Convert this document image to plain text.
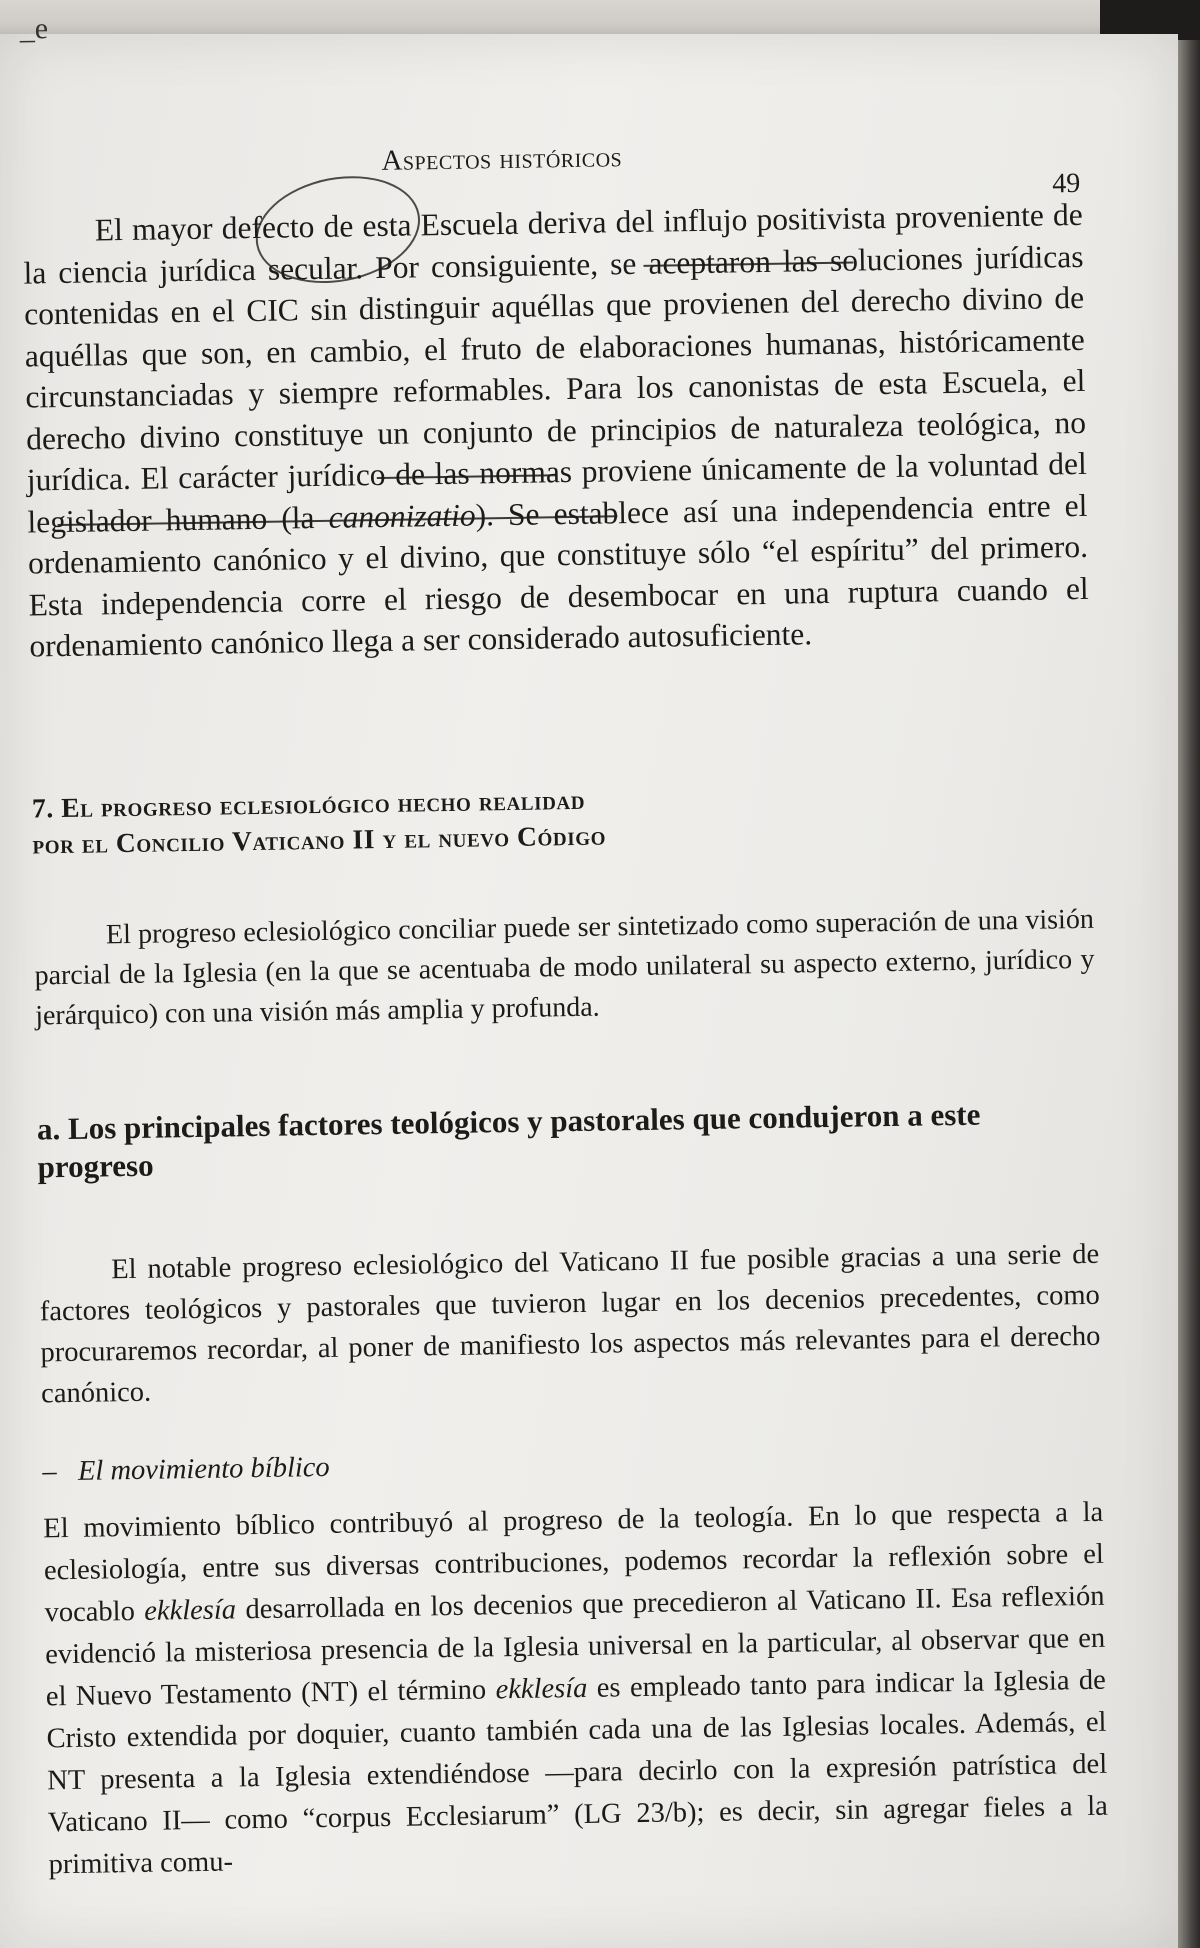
_e
Aspectos históricos
49
El mayor defecto de esta Escuela deriva del influjo positivista proveniente de la ciencia jurídica secular. Por consiguiente, se aceptaron las soluciones jurídicas contenidas en el CIC sin distinguir aquéllas que provienen del derecho divino de aquéllas que son, en cambio, el fruto de elaboraciones humanas, históricamente circunstanciadas y siempre reformables. Para los canonistas de esta Escuela, el derecho divino constituye un conjunto de principios de naturaleza teológica, no jurídica. El carácter jurídico de las normas proviene únicamente de la voluntad del legislador humano (la canonizatio). Se establece así una independencia entre el ordenamiento canónico y el divino, que constituye sólo “el espíritu” del primero. Esta independencia corre el riesgo de desembocar en una ruptura cuando el ordenamiento canónico llega a ser considerado autosuficiente.
7. El progreso eclesiológico hecho realidad
por el Concilio Vaticano II y el nuevo Código
El progreso eclesiológico conciliar puede ser sintetizado como superación de una visión parcial de la Iglesia (en la que se acentuaba de modo unilateral su aspecto externo, jurídico y jerárquico) con una visión más amplia y profunda.
a. Los principales factores teológicos y pastorales que condujeron a este progreso
El notable progreso eclesiológico del Vaticano II fue posible gracias a una serie de factores teológicos y pastorales que tuvieron lugar en los decenios precedentes, como procuraremos recordar, al poner de manifiesto los aspectos más relevantes para el derecho canónico.
– El movimiento bíblico
El movimiento bíblico contribuyó al progreso de la teología. En lo que respecta a la eclesiología, entre sus diversas contribuciones, podemos recordar la reflexión sobre el vocablo ekklesía desarrollada en los decenios que precedieron al Vaticano II. Esa reflexión evidenció la misteriosa presencia de la Iglesia universal en la particular, al observar que en el Nuevo Testamento (NT) el término ekklesía es empleado tanto para indicar la Iglesia de Cristo extendida por doquier, cuanto también cada una de las Iglesias locales. Además, el NT presenta a la Iglesia extendiéndose —para decirlo con la expresión patrística del Vaticano II— como “corpus Ecclesiarum” (LG 23/b); es decir, sin agregar fieles a la primitiva comu-
